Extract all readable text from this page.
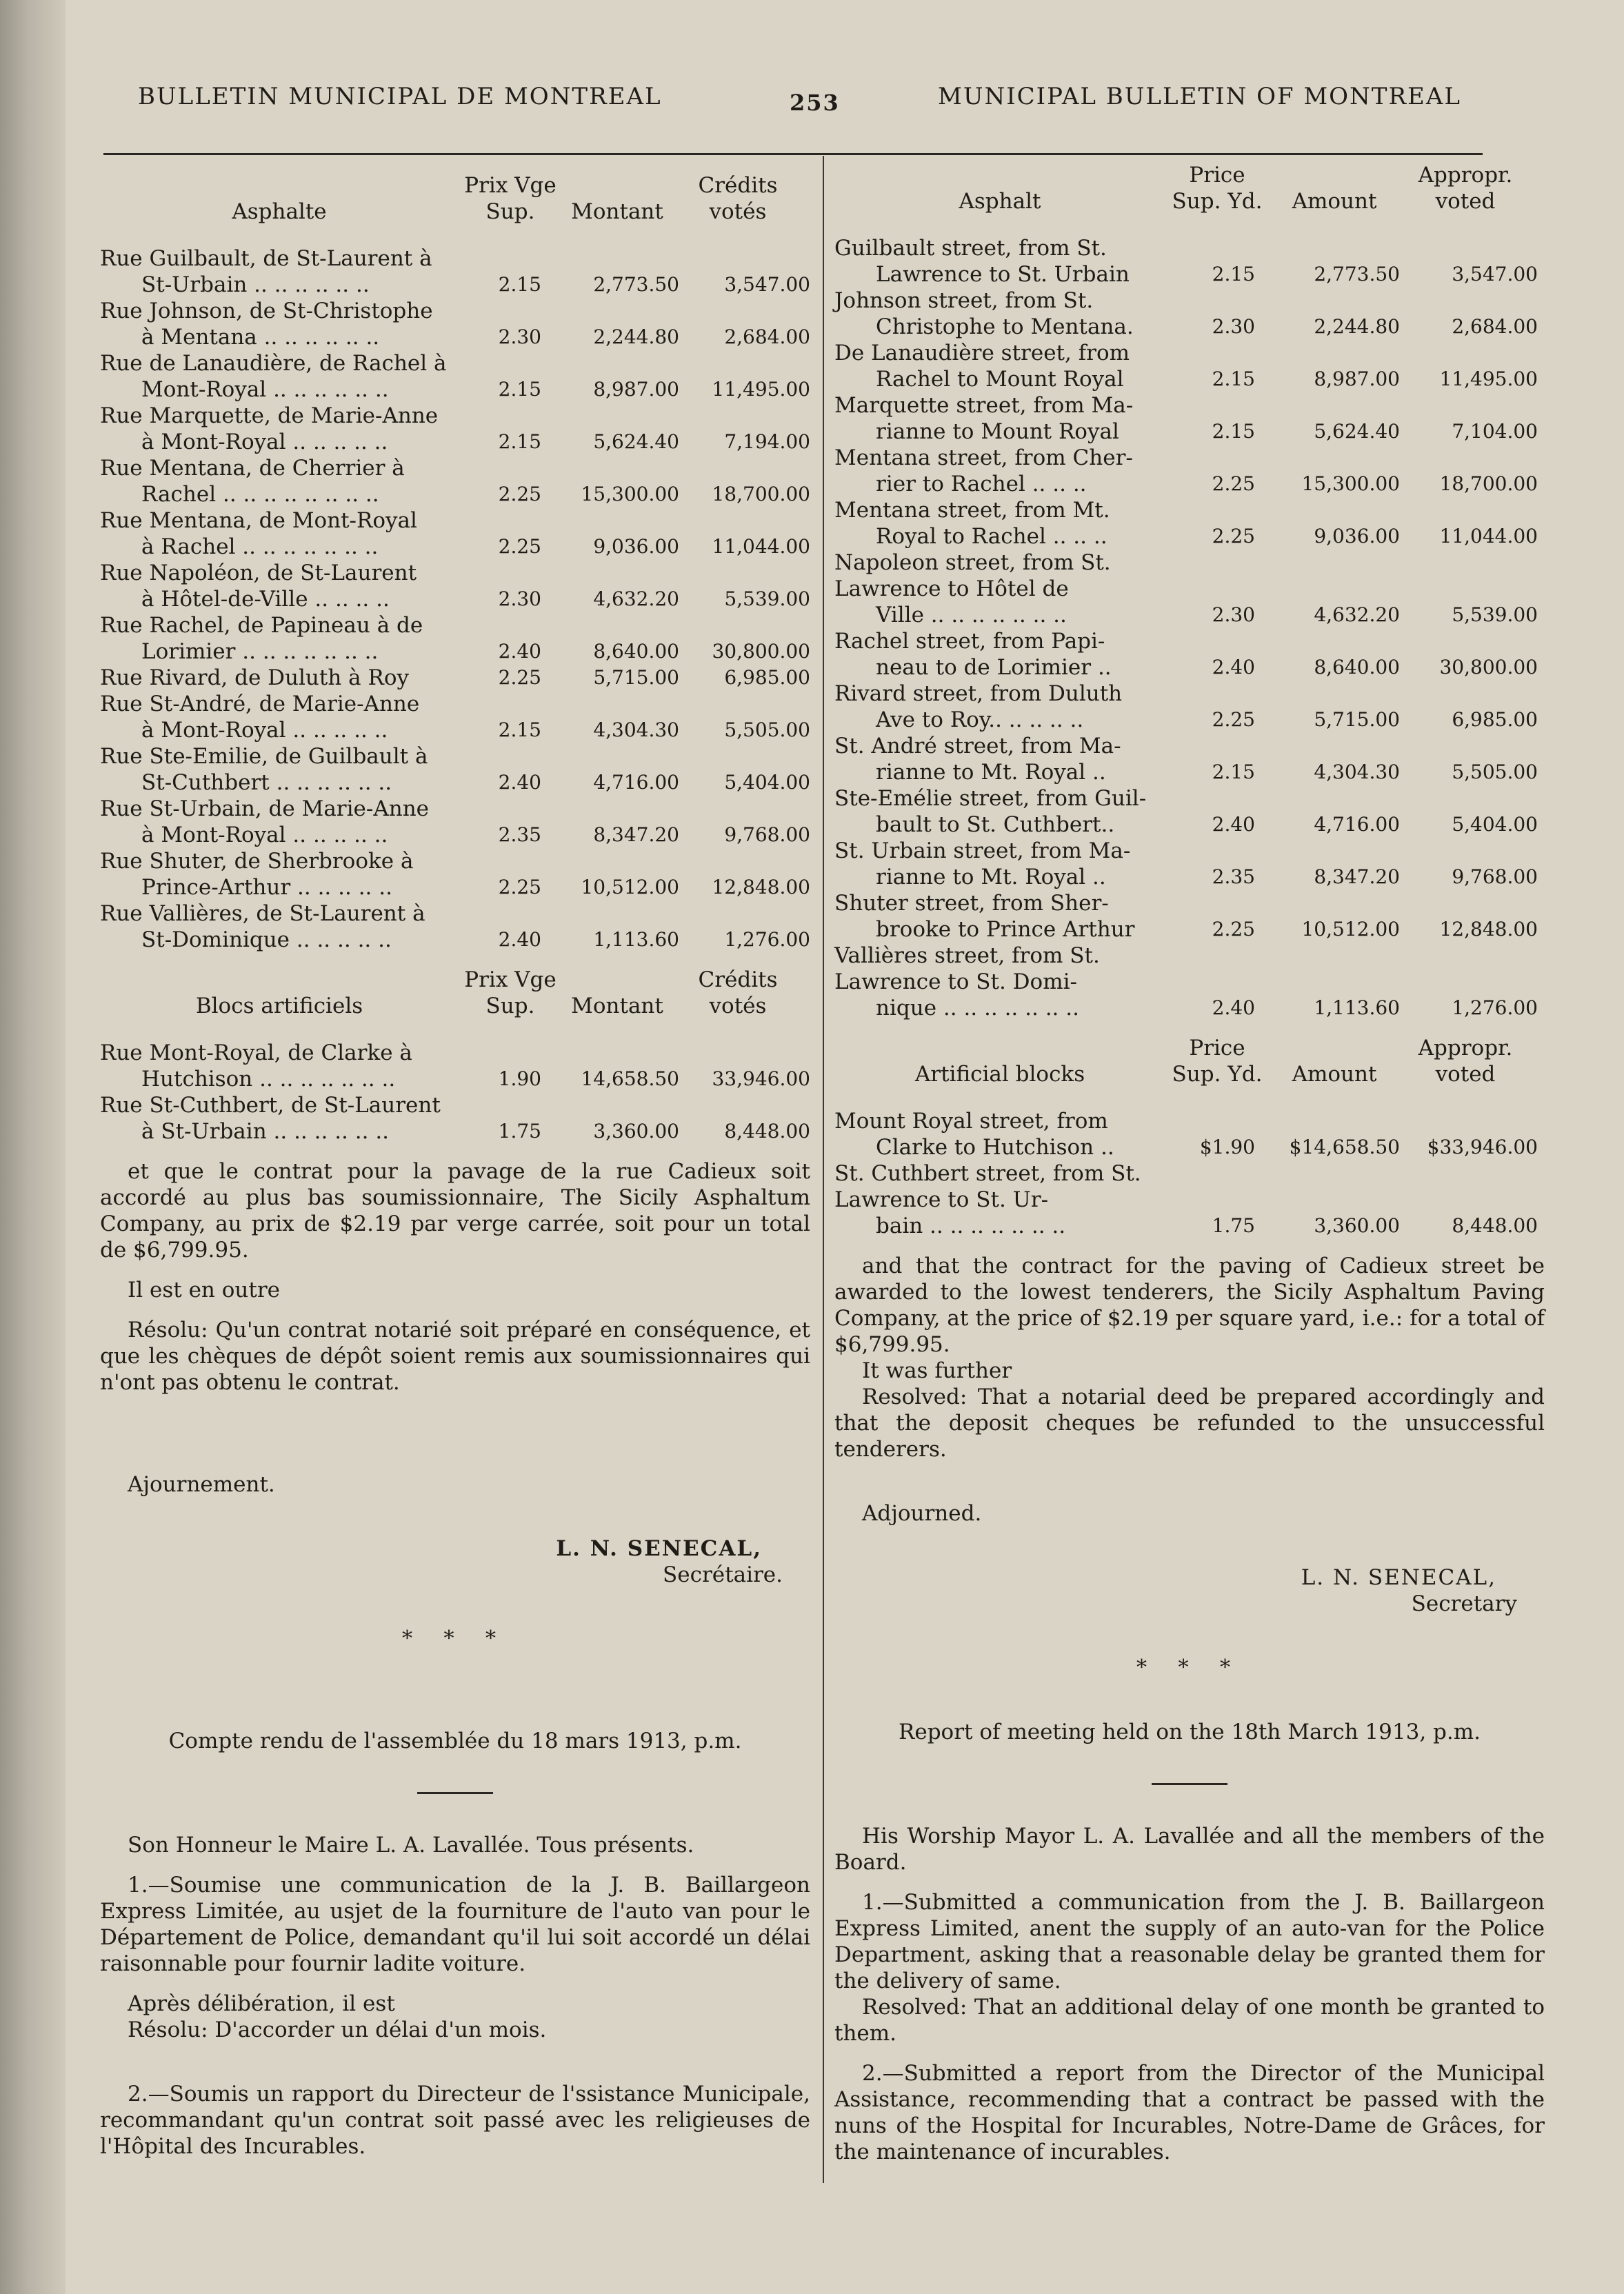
BULLETIN MUNICIPAL DE MONTREAL	253	MUNICIPAL BULLETIN OF MONTREAL
Asphalte
Prix Vge Sup.	Montant
Crédits votés
Rue Guilbault, de St-Laurent à
St-Urbain .. .. .. .. .. ..	2.15	2,773.50	3,547.00
Rue Johnson, de St-Christophe
à Mentana .. .. .. .. .. ..	2.30	2,244.80	2,684.00
Rue de Lanaudière, de Rachel à
Mont-Royal .. .. .. .. .. ..	2.15	8,987.00	11,495.00
Rue Marquette, de Marie-Anne
à Mont-Royal .. .. .. .. ..	2.15	5,624.40	7,194.00
Rue Mentana, de Cherrier à
Rachel .. .. .. .. .. .. .. ..	2.25	15,300.00	18,700.00
Rue Mentana, de Mont-Royal
à Rachel .. .. .. .. .. .. ..	2.25	9,036.00	11,044.00
Rue Napoléon, de St-Laurent
à Hôtel-de-Ville .. .. .. ..	2.30	4,632.20	5,539.00
Rue Rachel, de Papineau à de
Lorimier .. .. .. .. .. .. ..	2.40	8,640.00	30,800.00
Rue Rivard, de Duluth à Roy	2.25	5,715.00	6,985.00
Rue St-André, de Marie-Anne
à Mont-Royal .. .. .. .. ..	2.15	4,304.30	5,505.00
Rue Ste-Emilie, de Guilbault à
St-Cuthbert .. .. .. .. .. ..	2.40	4,716.00	5,404.00
Rue St-Urbain, de Marie-Anne
à Mont-Royal .. .. .. .. ..	2.35	8,347.20	9,768.00
Rue Shuter, de Sherbrooke à
Prince-Arthur .. .. .. .. ..	2.25	10,512.00	12,848.00
Rue Vallières, de St-Laurent à
St-Dominique .. .. .. .. ..	2.40	1,113.60	1,276.00
Blocs artificiels
Prix Vge Sup.	Montant
Crédits votés
Rue Mont-Royal, de Clarke à
Hutchison .. .. .. .. .. .. ..	1.90	14,658.50	33,946.00
Rue St-Cuthbert, de St-Laurent
à St-Urbain .. .. .. .. .. ..	1.75	3,360.00	8,448.00

et que le contrat pour la pavage de la rue Cadieux soit accordé au plus bas soumissionnaire, The Sicily Asphaltum Company, au prix de $2.19 par verge carrée, soit pour un total de $6,799.95.

Il est en outre

Résolu: Qu'un contrat notarié soit préparé en conséquence, et que les chèques de dépôt soient remis aux soumissionnaires qui n'ont pas obtenu le contrat.

Ajournement.

L. N. SENECAL,
Secrétaire.
* * *
Compte rendu de l'assemblée du 18 mars 1913, p.m.

Son Honneur le Maire L. A. Lavallée. Tous présents.

1.—Soumise une communication de la J. B. Baillargeon Express Limitée, au usjet de la fourniture de l'auto van pour le Département de Police, demandant qu'il lui soit accordé un délai raisonnable pour fournir ladite voiture.

Après délibération, il est

Résolu: D'accorder un délai d'un mois.

2.—Soumis un rapport du Directeur de l'ssistance Municipale, recommandant qu'un contrat soit passé avec les religieuses de l'Hôpital des Incurables.

Asphalt
Price Sup. Yd.	Amount
Appropr. voted
Guilbault street, from St.
Lawrence to St. Urbain	2.15	2,773.50	3,547.00
Johnson street, from St.
Christophe to Mentana.	2.30	2,244.80	2,684.00
De Lanaudière street, from
Rachel to Mount Royal	2.15	8,987.00	11,495.00
Marquette street, from Ma-
rianne to Mount Royal	2.15	5,624.40	7,104.00
Mentana street, from Cher-
rier to Rachel .. .. ..	2.25	15,300.00	18,700.00
Mentana street, from Mt.
Royal to Rachel .. .. ..	2.25	9,036.00	11,044.00
Napoleon street, from St. Lawrence to Hôtel de
Ville .. .. .. .. .. .. ..	2.30	4,632.20	5,539.00
Rachel street, from Papi-
neau to de Lorimier ..	2.40	8,640.00	30,800.00
Rivard street, from Duluth
Ave to Roy.. .. .. .. ..	2.25	5,715.00	6,985.00
St. André street, from Ma-
rianne to Mt. Royal ..	2.15	4,304.30	5,505.00
Ste-Emélie street, from Guil-
bault to St. Cuthbert..	2.40	4,716.00	5,404.00
St. Urbain street, from Ma-
rianne to Mt. Royal ..	2.35	8,347.20	9,768.00
Shuter street, from Sher-
brooke to Prince Arthur	2.25	10,512.00	12,848.00
Vallières street, from St. Lawrence to St. Domi-
nique .. .. .. .. .. .. ..	2.40	1,113.60	1,276.00
Artificial blocks
Price Sup. Yd.	Amount
Appropr. voted
Mount Royal street, from
Clarke to Hutchison ..	$1.90	$14,658.50	$33,946.00
St. Cuthbert street, from St. Lawrence to St. Ur-
bain .. .. .. .. .. .. ..	1.75	3,360.00	8,448.00

and that the contract for the paving of Cadieux street be awarded to the lowest tenderers, the Sicily Asphaltum Paving Company, at the price of $2.19 per square yard, i.e.: for a total of $6,799.95.

It was further

Resolved: That a notarial deed be prepared accordingly and that the deposit cheques be refunded to the unsuccessful tenderers.

Adjourned.

L. N. SENECAL,
Secretary
* * *
Report of meeting held on the 18th March 1913, p.m.

His Worship Mayor L. A. Lavallée and all the members of the Board.

1.—Submitted a communication from the J. B. Baillargeon Express Limited, anent the supply of an auto-van for the Police Department, asking that a reasonable delay be granted them for the delivery of same.

Resolved: That an additional delay of one month be granted to them.

2.—Submitted a report from the Director of the Municipal Assistance, recommending that a contract be passed with the nuns of the Hospital for Incurables, Notre-Dame de Grâces, for the maintenance of incurables.
